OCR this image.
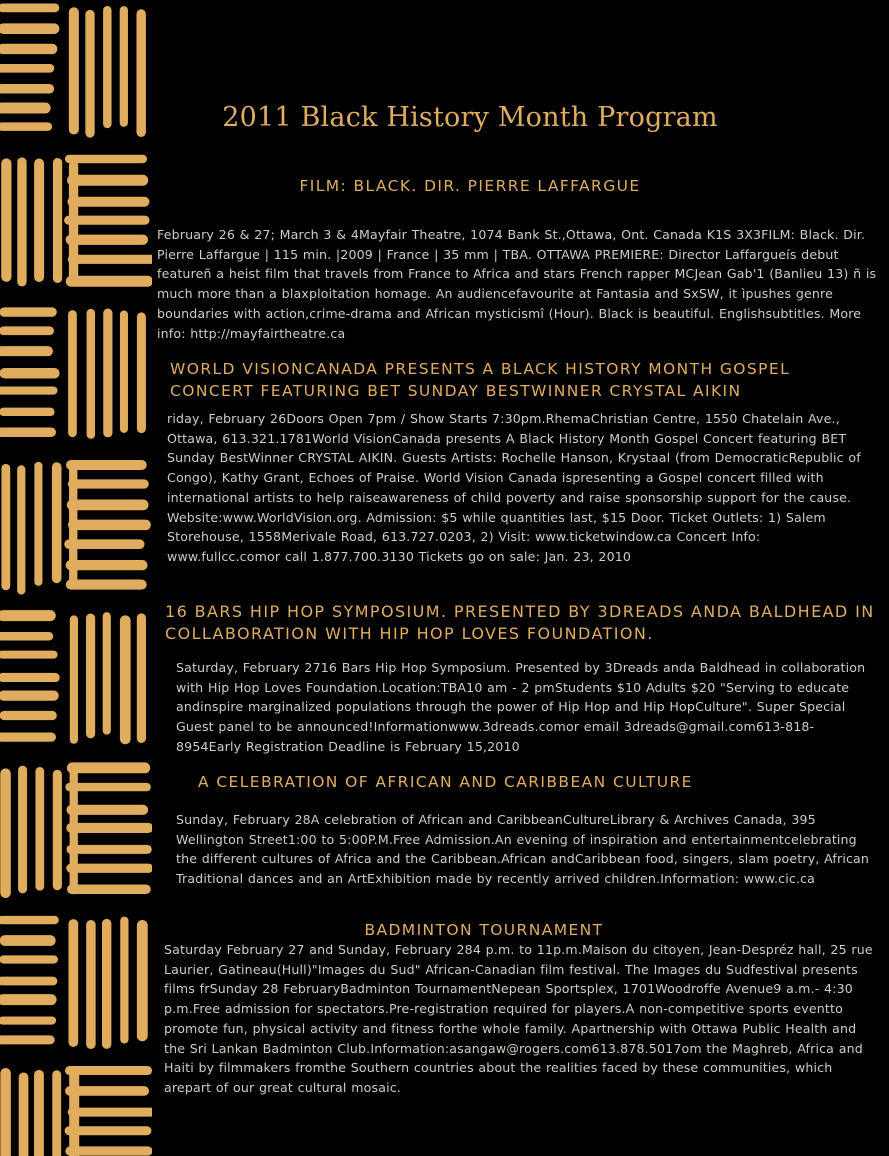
2011 Black History Month Program
FILM: BLACK. DIR. PIERRE LAFFARGUE
February 26 & 27; March 3 & 4Mayfair Theatre, 1074 Bank St.,Ottawa, Ont. Canada K1S 3X3FILM: Black. Dir. Pierre Laffargue | 115 min. |2009 | France | 35 mm | TBA. OTTAWA PREMIERE: Director Laffargueís debut featureñ a heist film that travels from France to Africa and stars French rapper MCJean Gab'1 (Banlieu 13) ñ is much more than a blaxploitation homage. An audiencefavourite at Fantasia and SxSW, it ìpushes genre boundaries with action,crime-drama and African mysticismî (Hour). Black is beautiful. Englishsubtitles. More info: http://mayfairtheatre.ca
WORLD VISIONCANADA PRESENTS A BLACK HISTORY MONTH GOSPEL CONCERT FEATURING BET SUNDAY BESTWINNER CRYSTAL AIKIN
riday, February 26Doors Open 7pm / Show Starts 7:30pm.RhemaChristian Centre, 1550 Chatelain Ave., Ottawa, 613.321.1781World VisionCanada presents A Black History Month Gospel Concert featuring BET Sunday BestWinner CRYSTAL AIKIN. Guests Artists: Rochelle Hanson, Krystaal (from DemocraticRepublic of Congo), Kathy Grant, Echoes of Praise. World Vision Canada ispresenting a Gospel concert filled with international artists to help raiseawareness of child poverty and raise sponsorship support for the cause. Website:www.WorldVision.org. Admission: $5 while quantities last, $15 Door. Ticket Outlets: 1) Salem Storehouse, 1558Merivale Road, 613.727.0203, 2) Visit: www.ticketwindow.ca Concert Info: www.fullcc.comor call 1.877.700.3130 Tickets go on sale: Jan. 23, 2010
16 BARS HIP HOP SYMPOSIUM. PRESENTED BY 3DREADS ANDA BALDHEAD IN COLLABORATION WITH HIP HOP LOVES FOUNDATION.
Saturday, February 2716 Bars Hip Hop Symposium. Presented by 3Dreads anda Baldhead in collaboration with Hip Hop Loves Foundation.Location:TBA10 am - 2 pmStudents $10 Adults $20 "Serving to educate andinspire marginalized populations through the power of Hip Hop and Hip HopCulture". Super Special Guest panel to be announced!Informationwww.3dreads.comor email 3dreads@gmail.com613-818-8954Early Registration Deadline is February 15,2010
A CELEBRATION OF AFRICAN AND CARIBBEAN CULTURE
Sunday, February 28A celebration of African and CaribbeanCultureLibrary & Archives Canada, 395 Wellington Street1:00 to 5:00P.M.Free Admission.An evening of inspiration and entertainmentcelebrating the different cultures of Africa and the Caribbean.African andCaribbean food, singers, slam poetry, African Traditional dances and an ArtExhibition made by recently arrived children.Information: www.cic.ca
BADMINTON TOURNAMENT
Saturday February 27 and Sunday, February 284 p.m. to 11p.m.Maison du citoyen, Jean-Despréz hall, 25 rue Laurier, Gatineau(Hull)"Images du Sud" African-Canadian film festival. The Images du Sudfestival presents films frSunday 28 FebruaryBadminton TournamentNepean Sportsplex, 1701Woodroffe Avenue9 a.m.- 4:30 p.m.Free admission for spectators.Pre-registration required for players.A non-competitive sports eventto promote fun, physical activity and fitness forthe whole family. Apartnership with Ottawa Public Health and the Sri Lankan Badminton Club.Information:asangaw@rogers.com613.878.5017om the Maghreb, Africa and Haiti by filmmakers fromthe Southern countries about the realities faced by these communities, which arepart of our great cultural mosaic.
